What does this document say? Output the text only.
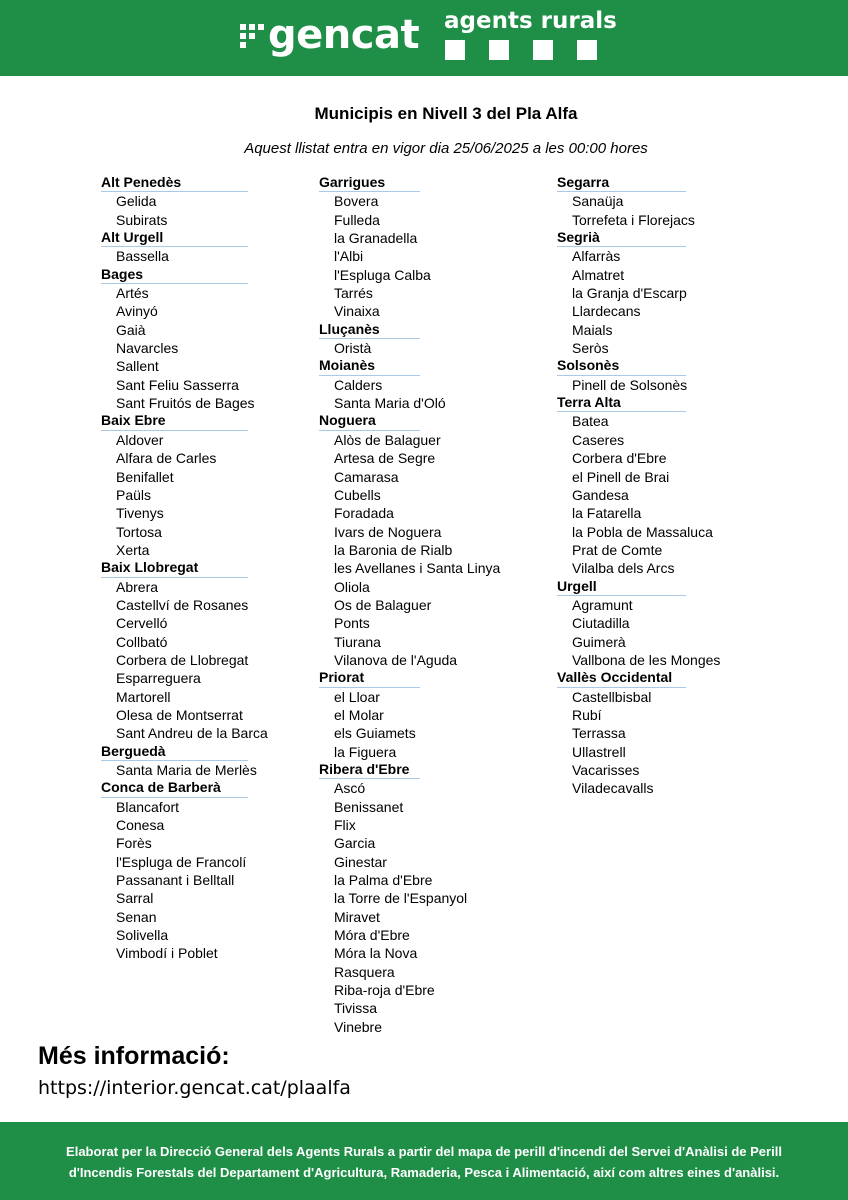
gencat agents rurals
Municipis en Nivell 3 del Pla Alfa
Aquest llistat entra en vigor dia 25/06/2025 a les 00:00 hores
Alt Penedès
Gelida
Subirats
Alt Urgell
Bassella
Bages
Artés
Avinyó
Gaià
Navarcles
Sallent
Sant Feliu Sasserra
Sant Fruitós de Bages
Baix Ebre
Aldover
Alfara de Carles
Benifallet
Paüls
Tivenys
Tortosa
Xerta
Baix Llobregat
Abrera
Castellví de Rosanes
Cervelló
Collbató
Corbera de Llobregat
Esparreguera
Martorell
Olesa de Montserrat
Sant Andreu de la Barca
Berguedà
Santa Maria de Merlès
Conca de Barberà
Blancafort
Conesa
Forès
l'Espluga de Francolí
Passanant i Belltall
Sarral
Senan
Solivella
Vimbodí i Poblet
Garrigues
Bovera
Fulleda
la Granadella
l'Albi
l'Espluga Calba
Tarrés
Vinaixa
Lluçanès
Oristà
Moianès
Calders
Santa Maria d'Oló
Noguera
Alòs de Balaguer
Artesa de Segre
Camarasa
Cubells
Foradada
Ivars de Noguera
la Baronia de Rialb
les Avellanes i Santa Linya
Oliola
Os de Balaguer
Ponts
Tiurana
Vilanova de l'Aguda
Priorat
el Lloar
el Molar
els Guiamets
la Figuera
Ribera d'Ebre
Ascó
Benissanet
Flix
Garcia
Ginestar
la Palma d'Ebre
la Torre de l'Espanyol
Miravet
Móra d'Ebre
Móra la Nova
Rasquera
Riba-roja d'Ebre
Tivissa
Vinebre
Segarra
Sanaüja
Torrefeta i Florejacs
Segrià
Alfarràs
Almatret
la Granja d'Escarp
Llardecans
Maials
Seròs
Solsonès
Pinell de Solsonès
Terra Alta
Batea
Caseres
Corbera d'Ebre
el Pinell de Brai
Gandesa
la Fatarella
la Pobla de Massaluca
Prat de Comte
Vilalba dels Arcs
Urgell
Agramunt
Ciutadilla
Guimerà
Vallbona de les Monges
Vallès Occidental
Castellbisbal
Rubí
Terrassa
Ullastrell
Vacarisses
Viladecavalls
Més informació:
https://interior.gencat.cat/plaalfa

Elaborat per la Direcció General dels Agents Rurals a partir del mapa de perill d'incendi del Servei d'Anàlisi de Perill
d'Incendis Forestals del Departament d'Agricultura, Ramaderia, Pesca i Alimentació, així com altres eines d'anàlisi.
